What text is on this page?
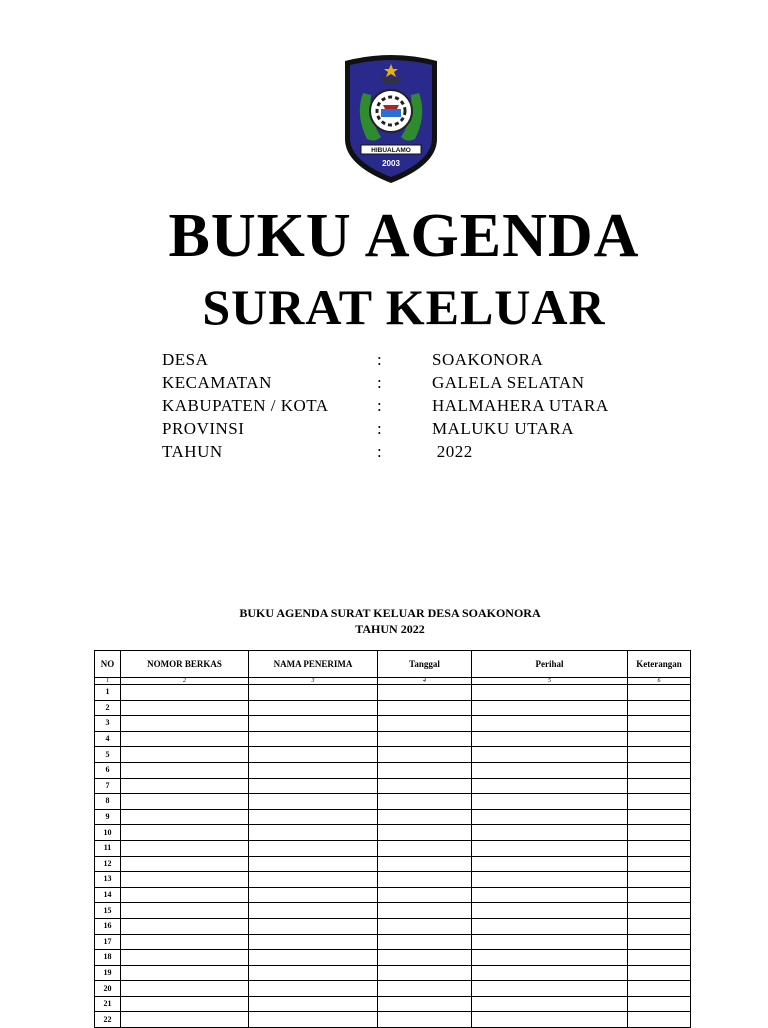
HIBUALAMO
2003
BUKU AGENDA
SURAT KELUAR
DESA	:	SOAKONORA
KECAMATAN	:	GALELA SELATAN
KABUPATEN / KOTA	:	HALMAHERA UTARA
PROVINSI	:	MALUKU UTARA
TAHUN	:	2022
BUKU AGENDA SURAT KELUAR DESA SOAKONORA
TAHUN 2022
NO	NOMOR BERKAS	NAMA PENERIMA	Tanggal	Perihal	Keterangan
1	2	3	4	5	6
1					
2					
3					
4					
5					
6					
7					
8					
9					
10					
11					
12					
13					
14					
15					
16					
17					
18					
19					
20					
21					
22					
